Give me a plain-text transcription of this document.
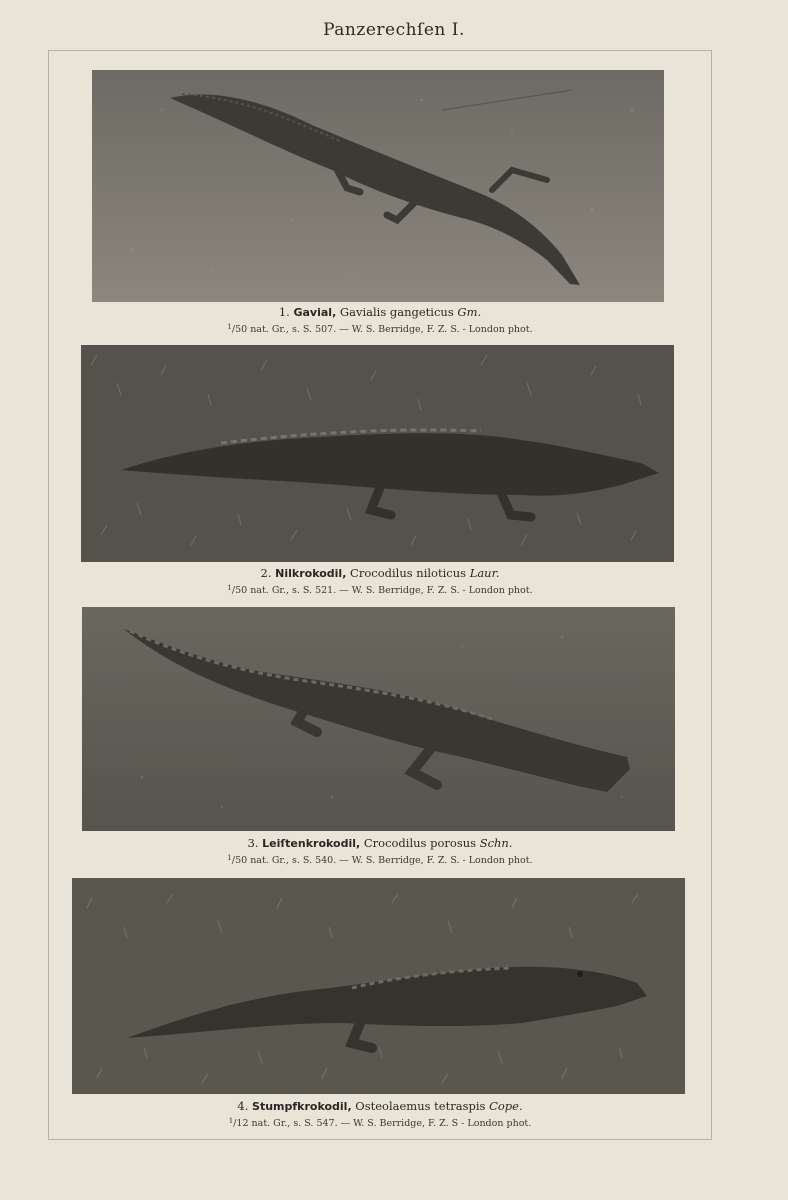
Panzerechſen I.
1. Gavial, Gavialis gangeticus Gm.
$^1$/50 nat. Gr., s. S. 507. — W. S. Berridge, F. Z. S. - London phot.
2. Nilkrokodil, Crocodilus niloticus Laur.
$^1$/50 nat. Gr., s. S. 521. — W. S. Berridge, F. Z. S. - London phot.
3. Leiſtenkrokodil, Crocodilus porosus Schn.
$^1$/50 nat. Gr., s. S. 540. — W. S. Berridge, F. Z. S. - London phot.
4. Stumpfkrokodil, Osteolaemus tetraspis Cope.
$^1$/12 nat. Gr., s. S. 547. — W. S. Berridge, F. Z. S - London phot.
